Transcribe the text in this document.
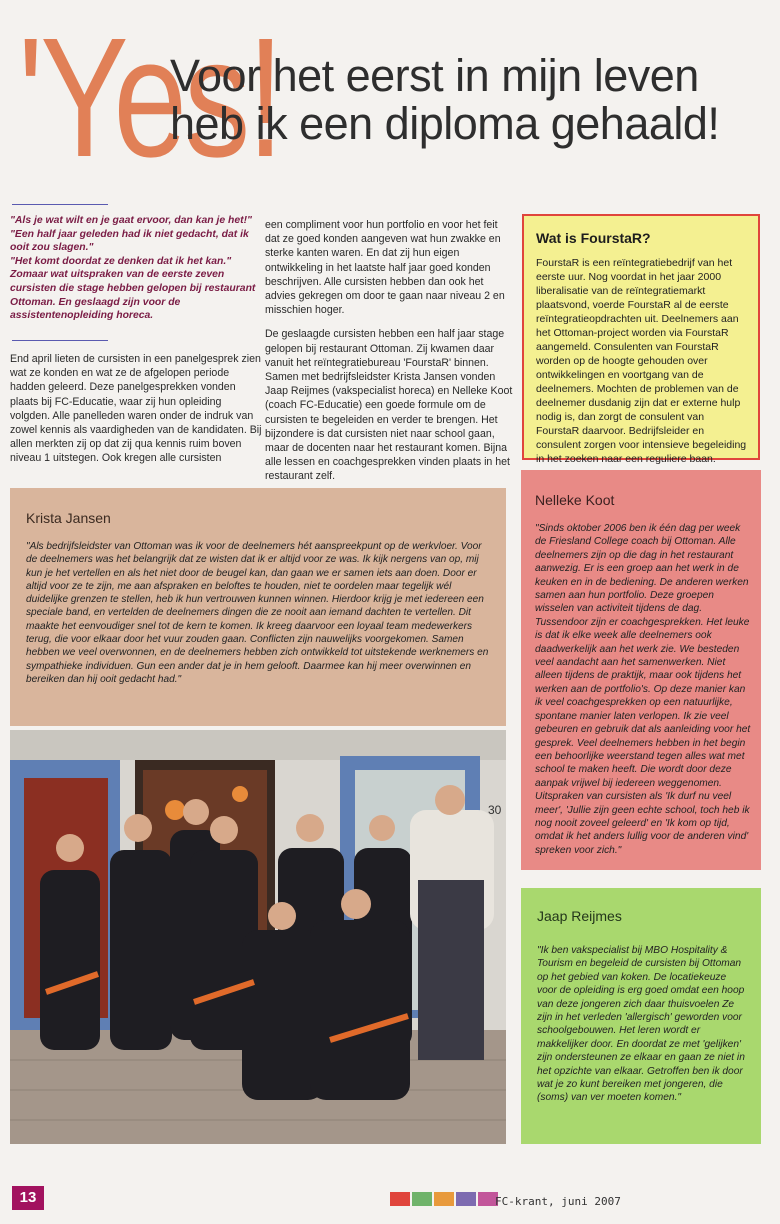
'Yes!
Voor het eerst in mijn leven
heb ik een diploma gehaald!
"Als je wat wilt en je gaat ervoor, dan kan je het!"
"Een half jaar geleden had ik niet gedacht, dat ik ooit zou slagen."
"Het komt doordat ze denken dat ik het kan."
Zomaar wat uitspraken van de eerste zeven cursisten die stage hebben gelopen bij restaurant Ottoman. En geslaagd zijn voor de assistentenopleiding horeca.

End april lieten de cursisten in een panelgesprek zien wat ze konden en wat ze de afgelopen periode hadden geleerd. Deze panelgesprekken vonden plaats bij FC-Educatie, waar zij hun opleiding volgden. Alle panelleden waren onder de indruk van zowel kennis als vaardigheden van de kandidaten. Bij allen merkten zij op dat zij qua kennis ruim boven niveau 1 uitstegen. Ook kregen alle cursisten

een compliment voor hun portfolio en voor het feit dat ze goed konden aangeven wat hun zwakke en sterke kanten waren. En dat zij hun eigen ontwikkeling in het laatste half jaar goed konden beschrijven. Alle cursisten hebben dan ook het advies gekregen om door te gaan naar niveau 2 en misschien hoger.

De geslaagde cursisten hebben een half jaar stage gelopen bij restaurant Ottoman. Zij kwamen daar vanuit het reïntegratiebureau 'FourstaR' binnen. Samen met bedrijfsleidster Krista Jansen vonden Jaap Reijmes (vakspecialist horeca) en Nelleke Koot (coach FC-Educatie) een goede formule om de cursisten te begeleiden en verder te brengen. Het bijzondere is dat cursisten niet naar school gaan, maar de docenten naar het restaurant komen. Bijna alle lessen en coachgesprekken vinden plaats in het restaurant zelf.

Wat is FourstaR?
FourstaR is een reïntegratiebedrijf van het eerste uur. Nog voordat in het jaar 2000 liberalisatie van de reïntegratiemarkt plaatsvond, voerde FourstaR al de eerste reïntegratieopdrachten uit. Deelnemers aan het Ottoman-project worden via FourstaR aangemeld. Consulenten van FourstaR worden op de hoogte gehouden over ontwikkelingen en voortgang van de deelnemers. Mochten de problemen van de deelnemer dusdanig zijn dat er externe hulp nodig is, dan zorgt de consulent van FourstaR daarvoor. Bedrijfsleider en consulent zorgen voor intensieve begeleiding in het zoeken naar een reguliere baan.
Krista Jansen
"Als bedrijfsleidster van Ottoman was ik voor de deelnemers hét aanspreekpunt op de werkvloer. Voor de deelnemers was het belangrijk dat ze wisten dat ik er altijd voor ze was. Ik kijk nergens van op, mij kun je het vertellen en als het niet door de beugel kan, dan gaan we er samen iets aan doen. Door er altijd voor ze te zijn, me aan afspraken en beloftes te houden, niet te oordelen maar tegelijk wél duidelijke grenzen te stellen, heb ik hun vertrouwen kunnen winnen. Hierdoor krijg je met iedereen een speciale band, en vertelden de deelnemers dingen die ze nooit aan iemand dachten te vertellen. Dit maakte het eenvoudiger snel tot de kern te komen. Ik kreeg daarvoor een loyaal team medewerkers terug, die voor elkaar door het vuur zouden gaan. Conflicten zijn nauwelijks voorgekomen. Samen hebben we veel overwonnen, en de deelnemers hebben zich ontwikkeld tot uitstekende werknemers en sympathieke individuen. Gun een ander dat je in hem gelooft. Daarmee kan hij meer overwinnen en bereiken dan hij ooit gedacht had."
Nelleke Koot
"Sinds oktober 2006 ben ik één dag per week de Friesland College coach bij Ottoman. Alle deelnemers zijn op die dag in het restaurant aanwezig. Er is een groep aan het werk in de keuken en in de bediening. De anderen werken samen aan hun portfolio. Deze groepen wisselen van activiteit tijdens de dag. Tussendoor zijn er coachgesprekken. Het leuke is dat ik elke week alle deelnemers ook daadwerkelijk aan het werk zie. We besteden veel aandacht aan het samenwerken. Niet alleen tijdens de praktijk, maar ook tijdens het werken aan de portfolio's. Op deze manier kan ik veel coachgesprekken op een natuurlijke, spontane manier laten verlopen. Ik zie veel gebeuren en gebruik dat als aanleiding voor het gesprek. Veel deelnemers hebben in het begin een behoorlijke weerstand tegen alles wat met school te maken heeft. Die wordt door deze aanpak vrijwel bij iedereen weggenomen. Uitspraken van cursisten als 'Ik durf nu veel meer', 'Jullie zijn geen echte school, toch heb ik nog nooit zoveel geleerd' en 'Ik kom op tijd, omdat ik het anders lullig voor de anderen vind' spreken voor zich."
Jaap Reijmes
"Ik ben vakspecialist bij MBO Hospitality & Tourism en begeleid de cursisten bij Ottoman op het gebied van koken. De locatiekeuze voor de opleiding is erg goed omdat een hoop van deze jongeren zich daar thuisvoelen Ze zijn in het verleden 'allergisch' geworden voor schoolgebouwen. Het leren wordt er makkelijker door. En doordat ze met 'gelijken' zijn ondersteunen ze elkaar en gaan ze niet in het opzichte van elkaar. Getroffen ben ik door wat je zo kunt bereiken met jongeren, die (soms) van ver moeten komen."
30
13	FC-krant, juni 2007
